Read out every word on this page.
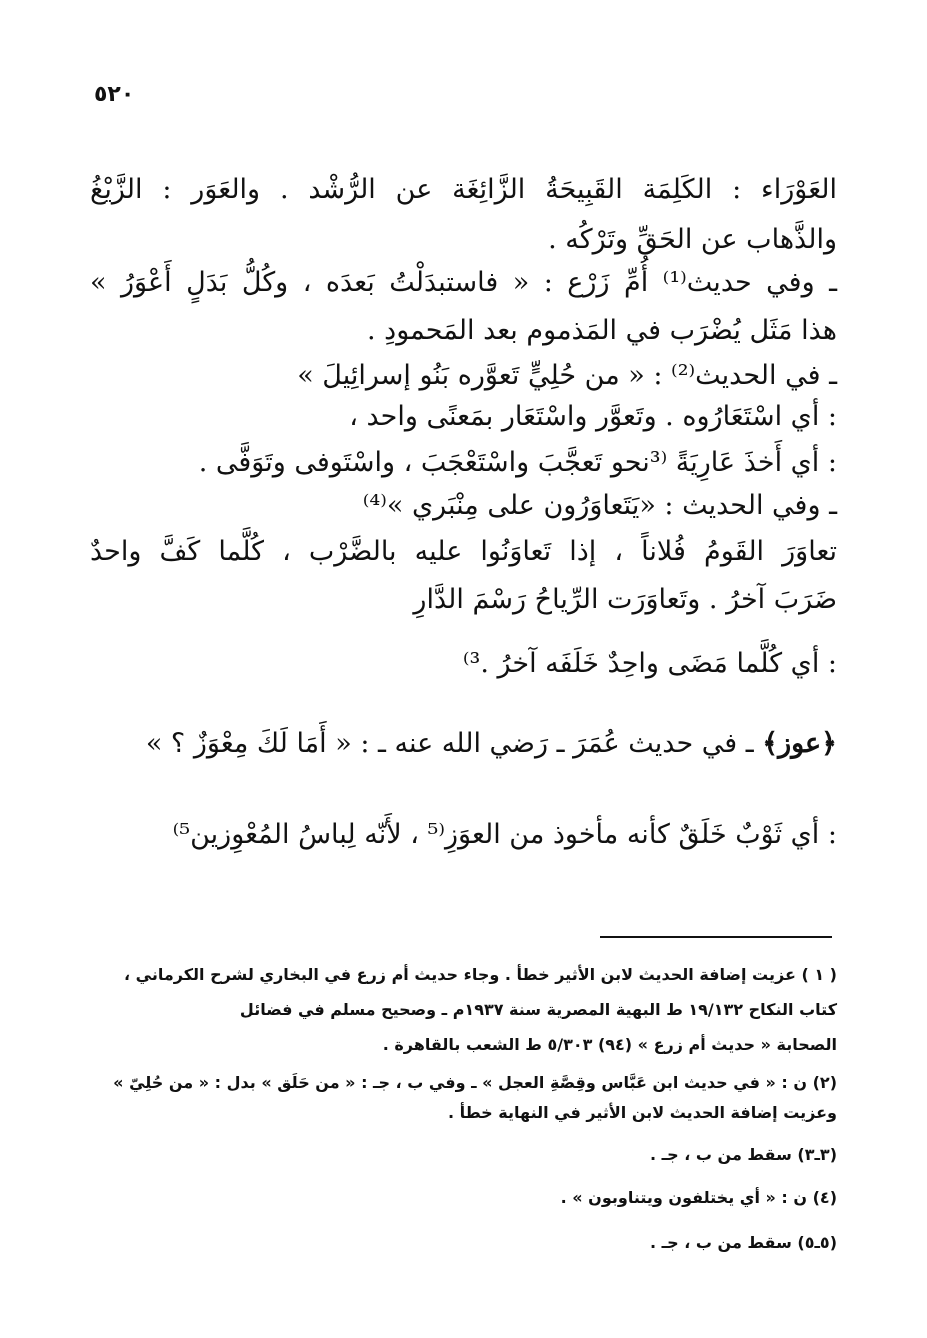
٥٢٠
العَوْرَاء : الكَلِمَة القَبِيحَةُ الزَّائِغَة عن الرُّشْد . والعَوَر : الزَّيْغُ
والذَّهاب عن الحَقِّ وتَرْكُه .
ـ وفي حديث⁽¹⁾ أُمِّ زَرْع : « فاستبدَلْتُ بَعدَه ، وكُلُّ بَدَلٍ أَعْوَرُ »
هذا مَثَل يُضْرَب في المَذموم بعد المَحمودِ .
ـ في الحديث⁽²⁾ : « من حُلِيٍّ تَعوَّره بَنُو إسرائِيلَ »
: أي اسْتَعَارُوه . وتَعوَّر واسْتَعَار بمَعنًى واحد ،
: أي أَخذَ عَارِيَةً ⁽³نحو تَعجَّبَ واسْتَعْجَبَ ، واسْتَوفى وتَوَفَّى .
ـ وفي الحديث : «يَتَعاوَرُون على مِنْبَري »⁽⁴⁾
تعاوَرَ القَومُ فُلاناً ، إذا تَعاوَنُوا عليه بالضَّرْب ، كُلَّما كَفَّ واحدٌ
ضَرَبَ آخرُ . وتَعاوَرَت الرِّياحُ رَسْمَ الدَّارِ
: أي كُلَّما مَضَى واحِدٌ خَلَفَه آخرُ .³⁾
﴿عوز﴾ ـ في حديث عُمَرَ ـ رَضي الله عنه ـ : « أَمَا لَكَ مِعْوَزٌ ؟ »
: أي ثَوْبٌ خَلَقٌ كأنه مأخوذ من العوَزِ⁽⁵ ، لأَنّه لِباسُ المُعْوِزين⁵⁾
( ١ ) عزيت إضافة الحديث لابن الأثير خطأ . وجاء حديث أم زرع في البخاري لشرح الكرماني ،
كتاب النكاح ١٩/١٣٢ ط البهية المصرية سنة ١٩٣٧م ـ وصحيح مسلم في فضائل
الصحابة « حديث أم زرع » (٩٤) ٥/٣٠٣ ط الشعب بالقاهرة .
(٢) ن : « في حديث ابن عَبَّاس وقِصَّةِ العجل » ـ وفي ب ، جـ : « من حَلَق » بدل : « من حُلِيّ »
وعزيت إضافة الحديث لابن الأثير في النهاية خطأ .
(٣ـ٣) سقط من ب ، جـ .
(٤) ن : « أي يختلفون ويتناوبون » .
(٥ـ٥) سقط من ب ، جـ .
